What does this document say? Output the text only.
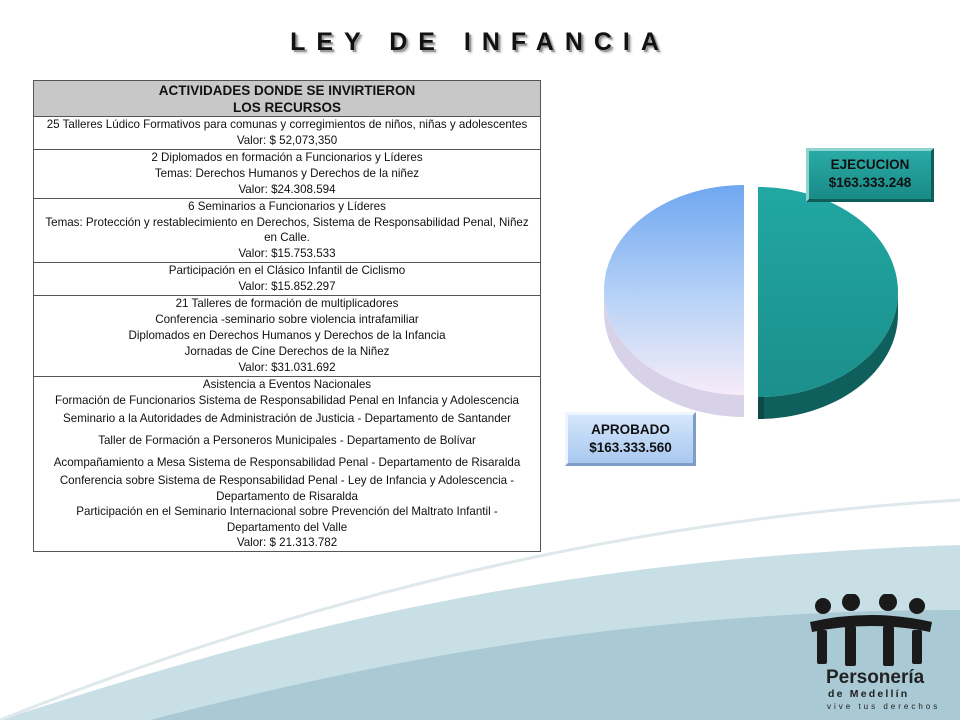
LEY DE INFANCIA
ACTIVIDADES DONDE SE INVIRTIERON
LOS RECURSOS
25 Talleres Lúdico Formativos para comunas y corregimientos de niños, niñas y adolescentes
Valor: $ 52,073,350
2 Diplomados en formación a Funcionarios y Líderes
Temas: Derechos Humanos y Derechos de la niñez
Valor: $24.308.594
6 Seminarios a Funcionarios y Líderes
Temas: Protección y restablecimiento en Derechos, Sistema de Responsabilidad Penal, Niñez en Calle.
Valor: $15.753.533
Participación en el Clásico Infantil de Ciclismo
Valor: $15.852.297
21 Talleres de formación de multiplicadores
Conferencia -seminario sobre violencia intrafamiliar
Diplomados en Derechos Humanos y Derechos de la Infancia
Jornadas de Cine Derechos de la Niñez
Valor: $31.031.692
Asistencia a Eventos Nacionales
Formación de Funcionarios Sistema de Responsabilidad Penal en Infancia y Adolescencia
Seminario a la Autoridades de Administración de Justicia - Departamento de Santander
Taller de Formación a Personeros Municipales - Departamento de Bolívar
Acompañamiento a Mesa Sistema de Responsabilidad Penal - Departamento de Risaralda
Conferencia sobre Sistema de Responsabilidad Penal - Ley de Infancia y Adolescencia - Departamento de Risaralda
Participación en el Seminario Internacional sobre Prevención del Maltrato Infantil - Departamento del Valle
Valor: $ 21.313.782
EJECUCION
$163.333.248
APROBADO
$163.333.560
Personería
de Medellín
vive tus derechos
